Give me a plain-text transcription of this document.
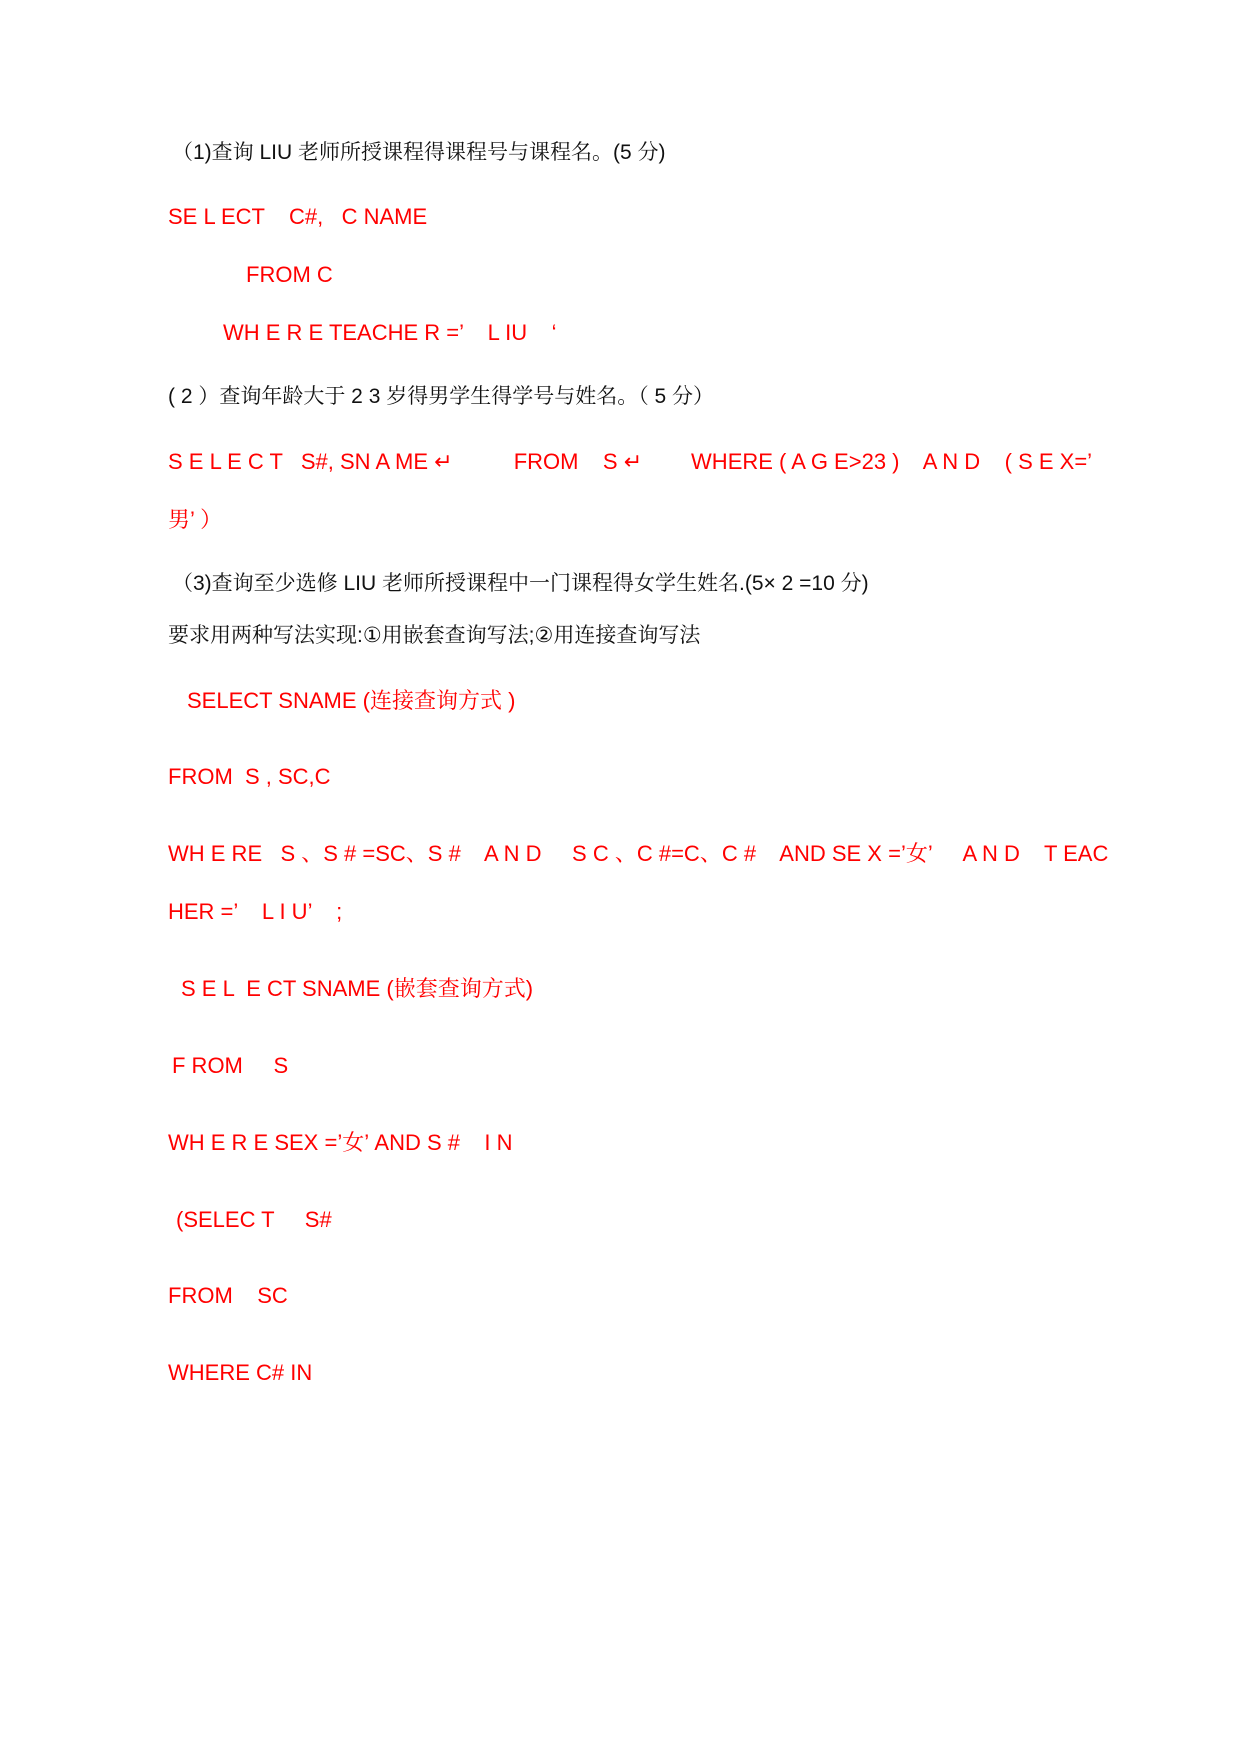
（1)查询 LIU 老师所授课程得课程号与课程名。(5 分)
SE L ECT    C#,   C NAME
FROM C
WH E R E TEACHE R =’    L IU    ‘
( 2 ）查询年龄大于 2 3 岁得男学生得学号与姓名。（ 5 分）
S E L E C T   S#, SN A ME ↵          FROM    S ↵        WHERE ( A G E>23 )    A N D    ( S E X=’
男’ ）
（3)查询至少选修 LIU 老师所授课程中一门课程得女学生姓名.(5× 2 =10 分)
要求用两种写法实现:①用嵌套查询写法;②用连接查询写法
SELECT SNAME (连接查询方式 )
FROM  S , SC,C
WH E RE   S 、S # =SC、S #    A N D     S C 、C #=C、C #    AND SE X =’女’     A N D    T EAC
HER =’    L I U’    ;
S E L  E CT SNAME (嵌套查询方式)
F ROM     S
WH E R E SEX =’女’ AND S #    I N
(SELEC T     S#
FROM    SC
WHERE C# IN
